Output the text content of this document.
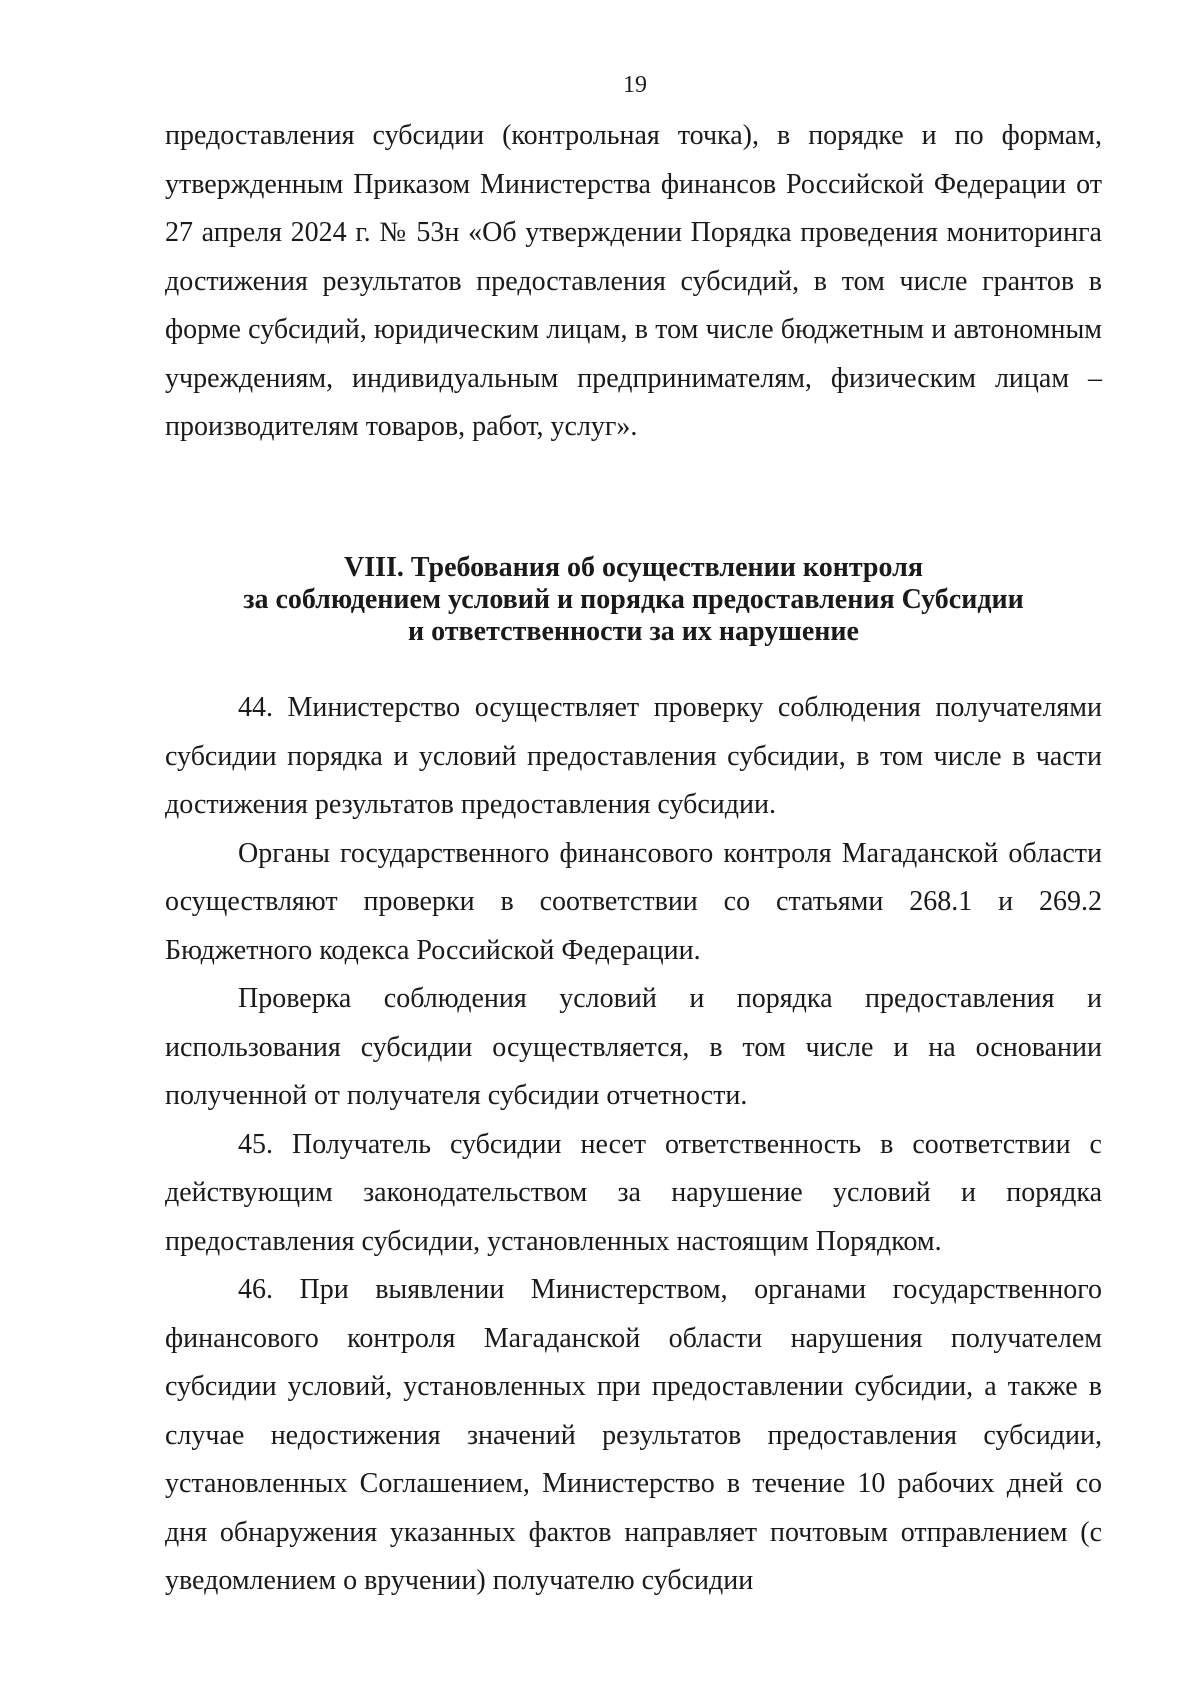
19

предоставления субсидии (контрольная точка), в порядке и по формам, утвержденным Приказом Министерства финансов Российской Федерации от 27 апреля 2024 г. № 53н «Об утверждении Порядка проведения мониторинга достижения результатов предоставления субсидий, в том числе грантов в форме субсидий, юридическим лицам, в том числе бюджетным и автономным учреждениям, индивидуальным предпринимателям, физическим лицам – производителям товаров, работ, услуг».

VIII. Требования об осуществлении контроля
за соблюдением условий и порядка предоставления Субсидии
и ответственности за их нарушение

44. Министерство осуществляет проверку соблюдения получателями субсидии порядка и условий предоставления субсидии, в том числе в части достижения результатов предоставления субсидии.

Органы государственного финансового контроля Магаданской области осуществляют проверки в соответствии со статьями 268.1 и 269.2 Бюджетного кодекса Российской Федерации.

Проверка соблюдения условий и порядка предоставления и использования субсидии осуществляется, в том числе и на основании полученной от получателя субсидии отчетности.

45. Получатель субсидии несет ответственность в соответствии с действующим законодательством за нарушение условий и порядка предоставления субсидии, установленных настоящим Порядком.

46. При выявлении Министерством, органами государственного финансового контроля Магаданской области нарушения получателем субсидии условий, установленных при предоставлении субсидии, а также в случае недостижения значений результатов предоставления субсидии, установленных Соглашением, Министерство в течение 10 рабочих дней со дня обнаружения указанных фактов направляет почтовым отправлением (с уведомлением о вручении) получателю субсидии
